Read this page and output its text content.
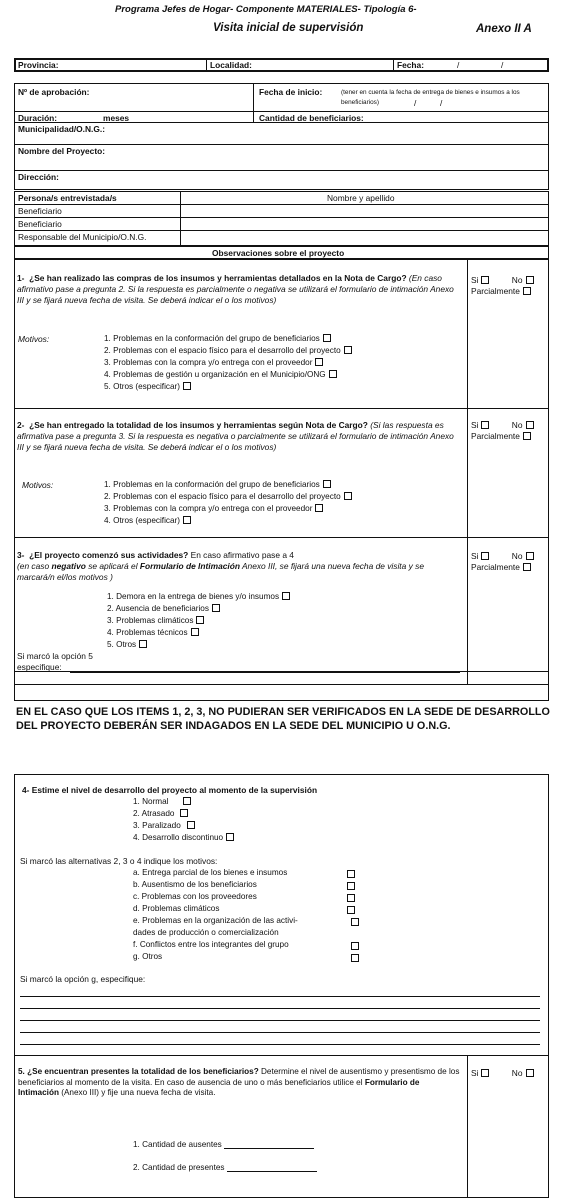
Programa Jefes de Hogar- Componente MATERIALES- Tipología 6-
Visita inicial de supervisión	Anexo II A
Provincia:	Localidad:	Fecha:	/	/
Nº de aprobación:	Fecha de inicio:	(tener en cuenta la fecha de entrega de bienes e insumos a los beneficiarios)	/	/
Duración:	meses	Cantidad de beneficiarios:
Municipalidad/O.N.G.:
Nombre del Proyecto:
Dirección:
Persona/s entrevistada/s	Nombre y apellido
Beneficiario
Beneficiario
Responsable del Municipio/O.N.G.
Observaciones sobre el proyecto
1- ¿Se han realizado las compras de los insumos y herramientas detallados en la Nota de Cargo? (En caso afirmativo pase a pregunta 2. Si la respuesta es parcialmente o negativa se utilizará el formulario de intimación Anexo III y se fijará nueva fecha de visita. Se deberá indicar el o los motivos)
Si	No
Parcialmente
Motivos:	1. Problemas en la conformación del grupo de beneficiarios
2. Problemas con el espacio físico para el desarrollo del proyecto
3. Problemas con la compra y/o entrega con el proveedor
4. Problemas de gestión u organización en el Municipio/ONG
5. Otros (especificar)
2- ¿Se han entregado la totalidad de los insumos y herramientas según Nota de Cargo? (Si las respuesta es afirmativa pase a pregunta 3. Si la respuesta es negativa o parcialmente se utilizará el formulario de intimación Anexo III y se fijará nueva fecha de visita. Se deberá indicar el o los motivos)
Si	No
Parcialmente
Motivos:	1. Problemas en la conformación del grupo de beneficiarios
2. Problemas con el espacio físico para el desarrollo del proyecto
3. Problemas con la compra y/o entrega con el proveedor
4. Otros (especificar)
3- ¿El proyecto comenzó sus actividades? En caso afirmativo pase a 4
(en caso negativo se aplicará el Formulario de Intimación Anexo III, se fijará una nueva fecha de visita y se marcará/n el/los motivos )
Si	No
Parcialmente
1. Demora en la entrega de bienes y/o insumos
2. Ausencia de beneficiarios
3. Problemas climáticos
4. Problemas técnicos
5. Otros
Si marcó la opción 5
especifique:
EN EL CASO QUE LOS ITEMS 1, 2, 3, NO PUDIERAN SER VERIFICADOS EN LA SEDE DE DESARROLLO DEL PROYECTO DEBERÁN SER INDAGADOS EN LA SEDE DEL MUNICIPIO U O.N.G.
4- Estime el nivel de desarrollo del proyecto al momento de la supervisión
1. Normal
2. Atrasado
3. Paralizado
4. Desarrollo discontinuo
Si marcó las alternativas 2, 3 o 4 indique los motivos:
a. Entrega parcial de los bienes e insumos
b. Ausentismo de los beneficiarios
c. Problemas con los proveedores
d. Problemas climáticos
e. Problemas en la organización de las activi-
dades de producción o comercialización
f. Conflictos entre los integrantes del grupo
g. Otros
Si marcó la opción g, especifique:
5. ¿Se encuentran presentes la totalidad de los beneficiarios? Determine el nivel de ausentismo y presentismo de los beneficiarios al momento de la visita. En caso de ausencia de uno o más beneficiarios utilice el Formulario de Intimación (Anexo III) y fije una nueva fecha de visita.
Si	No
1. Cantidad de ausentes
2. Cantidad de presentes
